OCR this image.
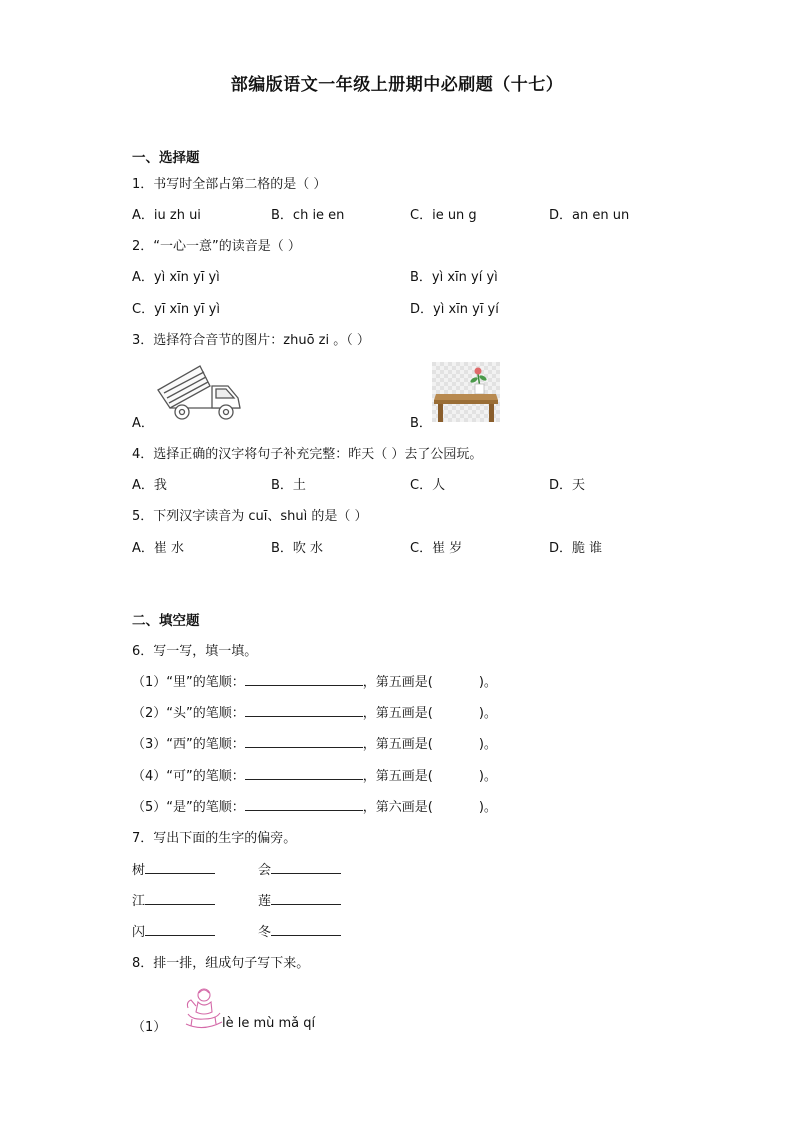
部编版语文一年级上册期中必刷题（十七）
一、选择题
1．书写时全部占第二格的是（ ）
A．iu zh ui	B．ch ie en	C．ie un g	D．an en un
2．“一心一意”的读音是（ ）
A．yì xīn yī yì	B．yì xīn yí yì
C．yī xīn yī yì	D．yì xīn yī yí
3．选择符合音节的图片：zhuō zi 。（ ）
A．	B．
4．选择正确的汉字将句子补充完整：昨天（ ）去了公园玩。
A．我	B．土	C．人	D．天
5．下列汉字读音为 cuī、shuì 的是（ ）
A．崔 水	B．吹 水	C．崔 岁	D．脆 谁
二、填空题
6．写一写，填一填。
（1）“里”的笔顺：	，第五画是(	)。
（2）“头”的笔顺：	，第五画是(	)。
（3）“西”的笔顺：	，第五画是(	)。
（4）“可”的笔顺：	，第五画是(	)。
（5）“是”的笔顺：	，第六画是(	)。
7．写出下面的生字的偏旁。
树	会
江	莲
闪	冬
8．排一排，组成句子写下来。
（1）	lè le mù mǎ qí
